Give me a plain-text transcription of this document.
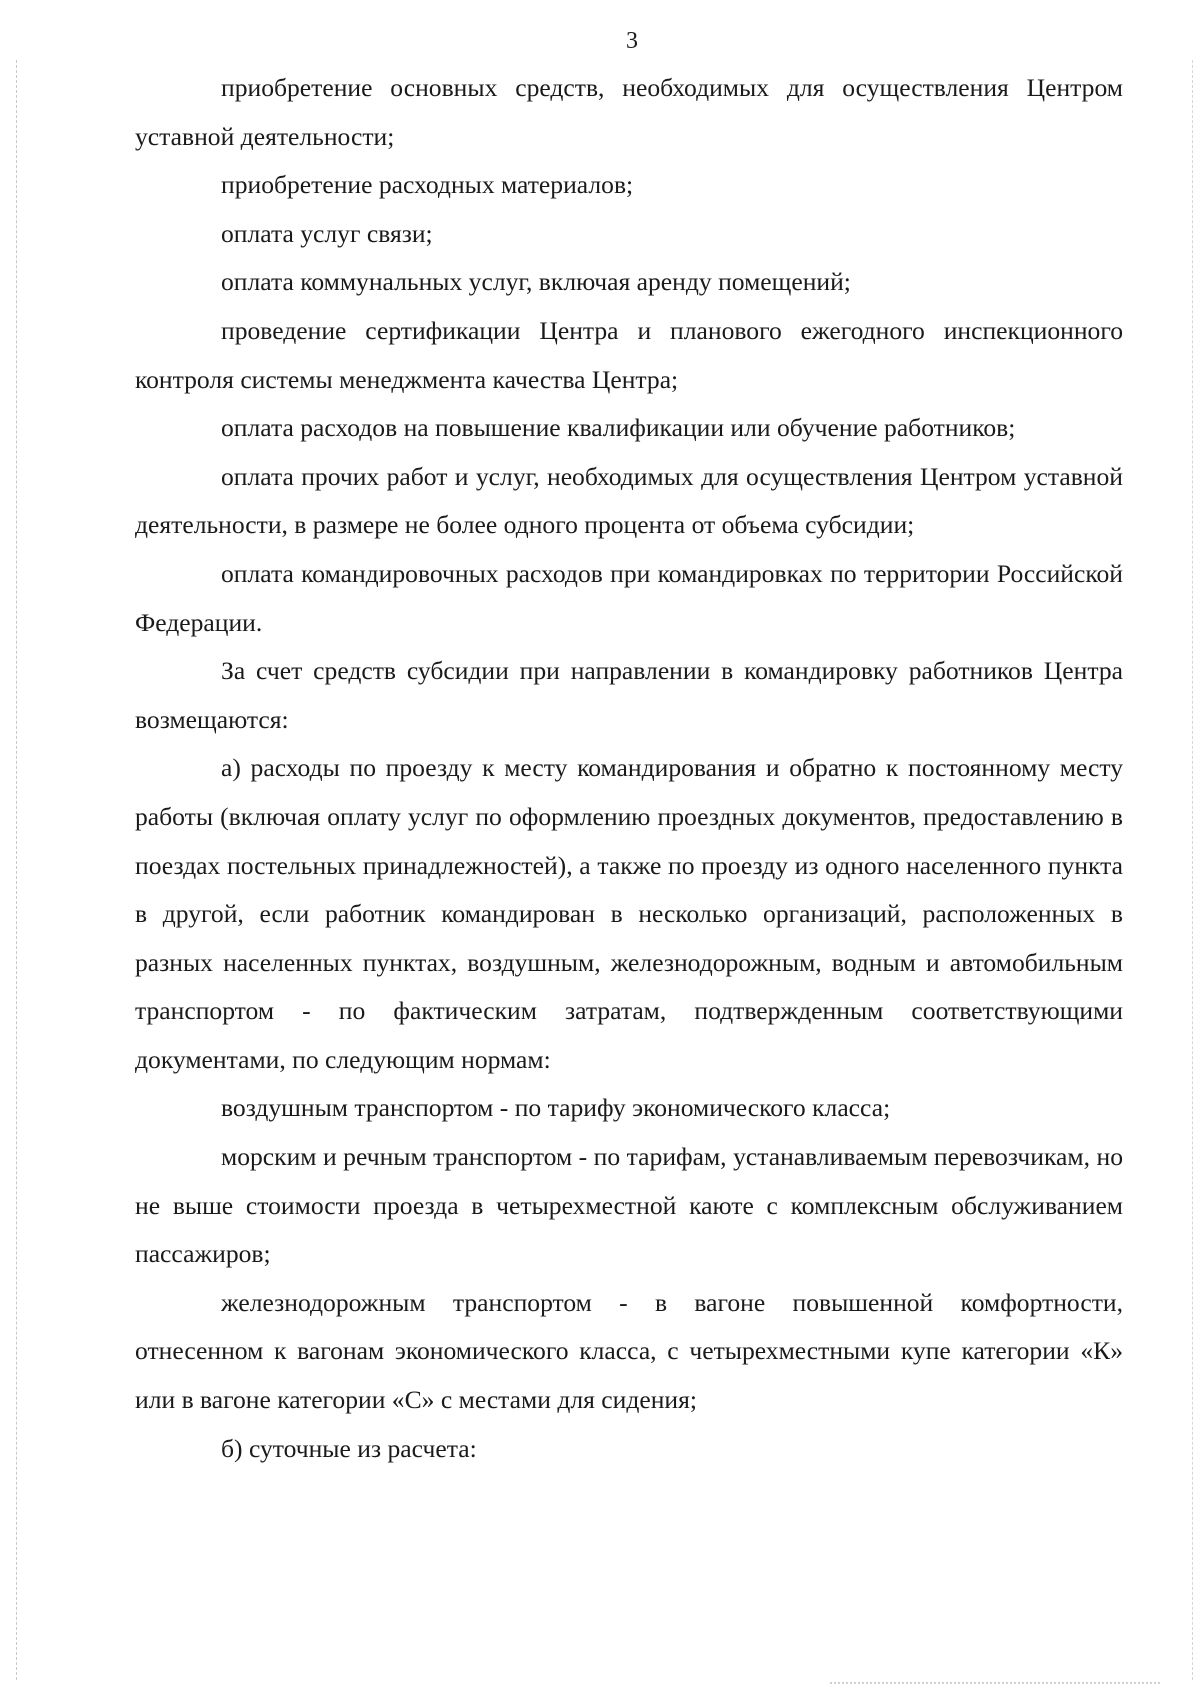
3

приобретение основных средств, необходимых для осуществления Центром уставной деятельности;

приобретение расходных материалов;

оплата услуг связи;

оплата коммунальных услуг, включая аренду помещений;

проведение сертификации Центра и планового ежегодного инспекционного контроля системы менеджмента качества Центра;

оплата расходов на повышение квалификации или обучение работников;

оплата прочих работ и услуг, необходимых для осуществления Центром уставной деятельности, в размере не более одного процента от объема субсидии;

оплата командировочных расходов при командировках по территории Российской Федерации.

За счет средств субсидии при направлении в командировку работников Центра возмещаются:

а) расходы по проезду к месту командирования и обратно к постоянному месту работы (включая оплату услуг по оформлению проездных документов, предоставлению в поездах постельных принадлежностей), а также по проезду из одного населенного пункта в другой, если работник командирован в несколько организаций, расположенных в разных населенных пунктах, воздушным, железнодорожным, водным и автомобильным транспортом - по фактическим затратам, подтвержденным соответствующими документами, по следующим нормам:

воздушным транспортом - по тарифу экономического класса;

морским и речным транспортом - по тарифам, устанавливаемым перевозчикам, но не выше стоимости проезда в четырехместной каюте с комплексным обслуживанием пассажиров;

железнодорожным транспортом - в вагоне повышенной комфортности, отнесенном к вагонам экономического класса, с четырехместными купе категории «К» или в вагоне категории «С» с местами для сидения;

б) суточные из расчета:
